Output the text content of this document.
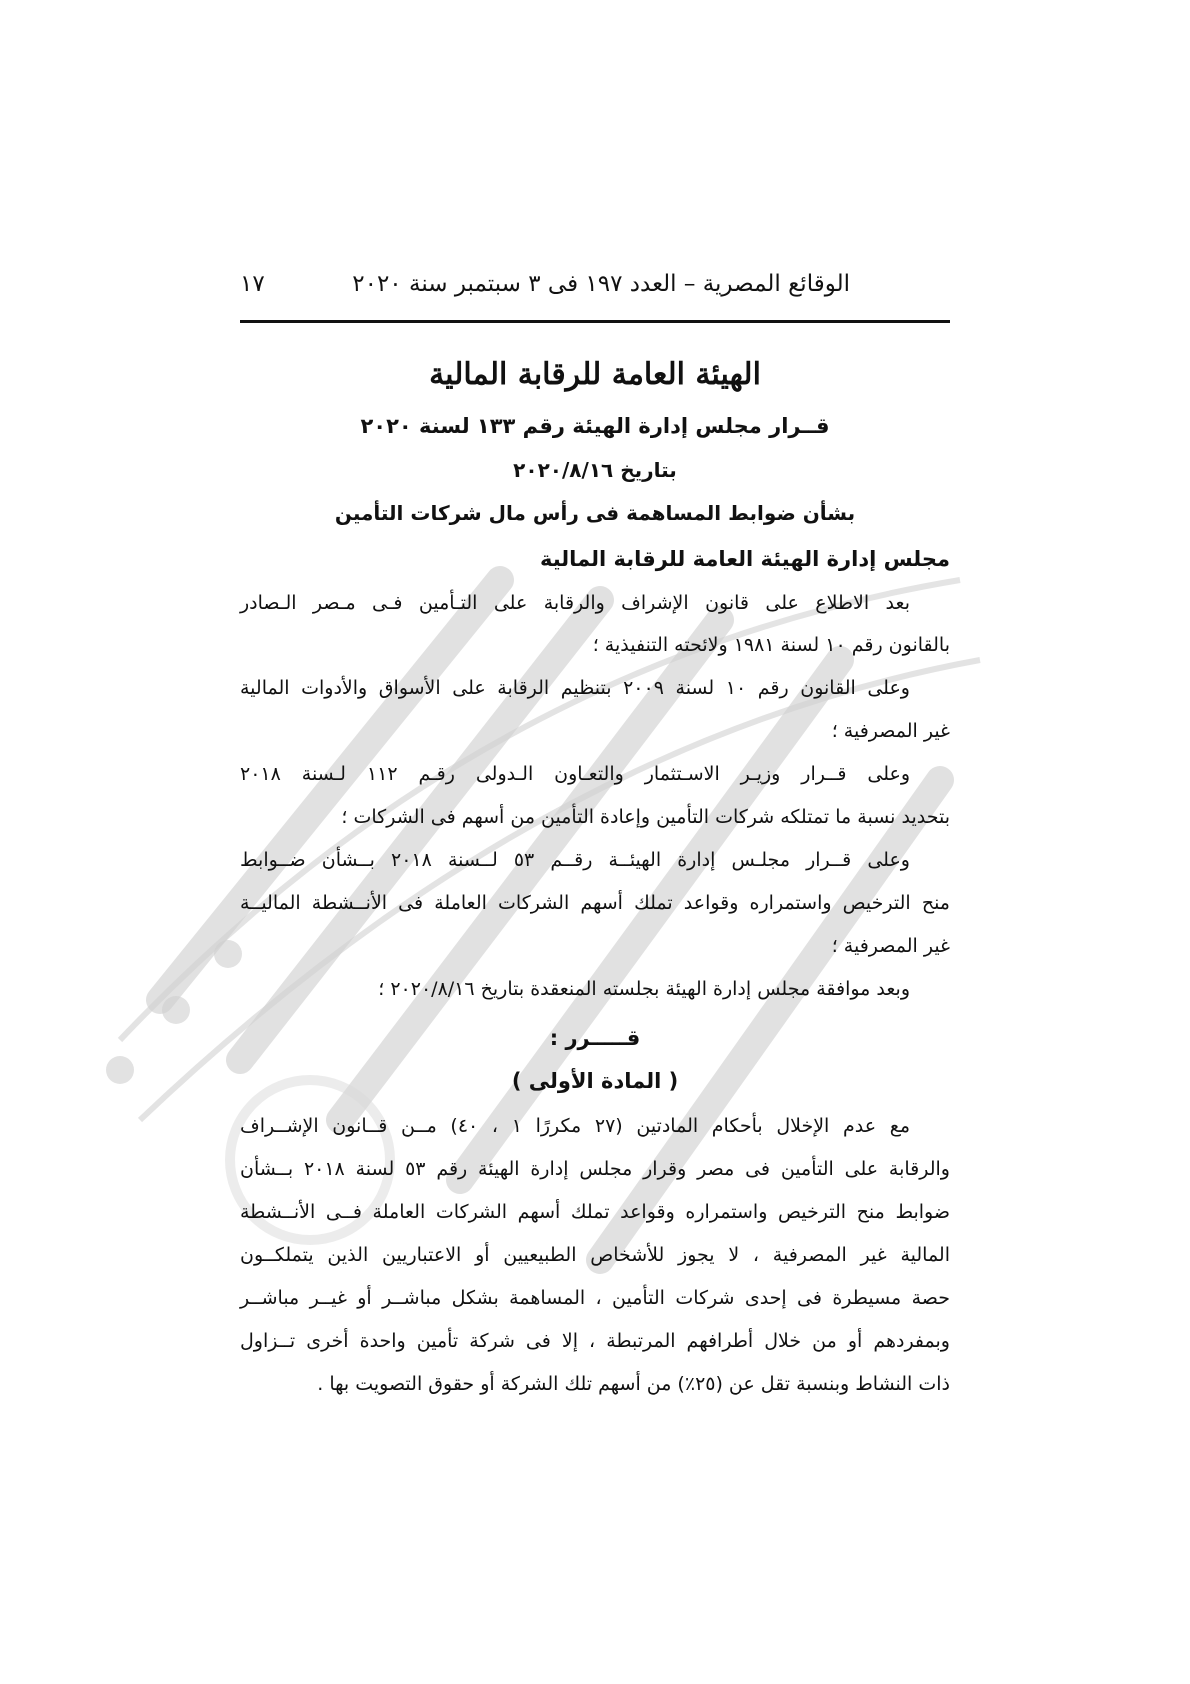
الوقائع المصرية – العدد ١٩٧ فى ٣ سبتمبر سنة ٢٠٢٠
١٧
الهيئة العامة للرقابة المالية
قــرار مجلس إدارة الهيئة رقم ١٣٣ لسنة ٢٠٢٠
بتاريخ ٢٠٢٠/٨/١٦
بشأن ضوابط المساهمة فى رأس مال شركات التأمين
مجلس إدارة الهيئة العامة للرقابة المالية
بعد الاطلاع على قانون الإشراف والرقابة على التـأمين فـى مـصر الـصادر
بالقانون رقم ١٠ لسنة ١٩٨١ ولائحته التنفيذية ؛
وعلى القانون رقم ١٠ لسنة ٢٠٠٩ بتنظيم الرقابة على الأسواق والأدوات المالية
غير المصرفية ؛
وعلى قــرار وزيـر الاسـتثمار والتعـاون الـدولى رقـم ١١٢ لـسنة ٢٠١٨
بتحديد نسبة ما تمتلكه شركات التأمين وإعادة التأمين من أسهم فى الشركات ؛
وعلى قــرار مجلـس إدارة الهيئــة رقــم ٥٣ لــسنة ٢٠١٨ بــشأن ضــوابط
منح الترخيص واستمراره وقواعد تملك أسهم الشركات العاملة فى الأنــشطة الماليــة
غير المصرفية ؛
وبعد موافقة مجلس إدارة الهيئة بجلسته المنعقدة بتاريخ ٢٠٢٠/٨/١٦ ؛
قـــــرر :
( المادة الأولى )
مع عدم الإخلال بأحكام المادتين (٢٧ مكررًا ١ ، ٤٠) مــن قــانون الإشــراف
والرقابة على التأمين فى مصر وقرار مجلس إدارة الهيئة رقم ٥٣ لسنة ٢٠١٨ بــشأن
ضوابط منح الترخيص واستمراره وقواعد تملك أسهم الشركات العاملة فــى الأنــشطة
المالية غير المصرفية ، لا يجوز للأشخاص الطبيعيين أو الاعتباريين الذين يتملكــون
حصة مسيطرة فى إحدى شركات التأمين ، المساهمة بشكل مباشــر أو غيــر مباشــر
وبمفردهم أو من خلال أطرافهم المرتبطة ، إلا فى شركة تأمين واحدة أخرى تــزاول
ذات النشاط وبنسبة تقل عن (٢٥٪) من أسهم تلك الشركة أو حقوق التصويت بها .
